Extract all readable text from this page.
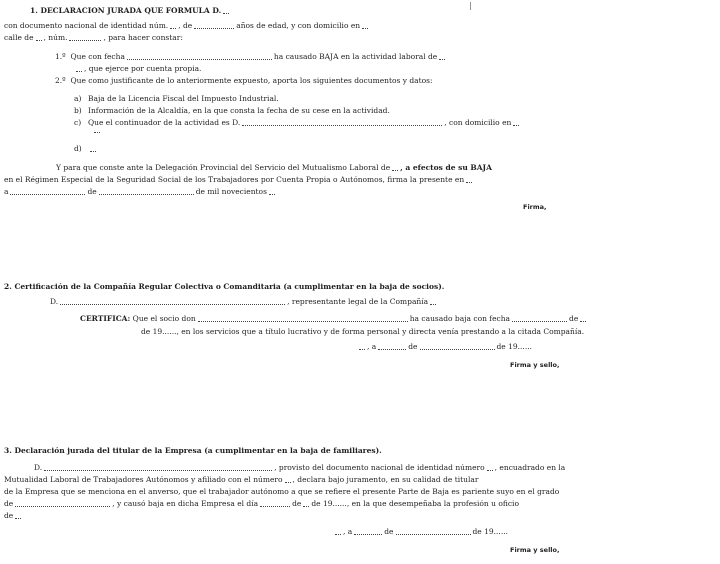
1. DECLARACION JURADA QUE FORMULA D.
con documento nacional de identidad núm. , de	años de edad, y con domicilio en
calle de , núm.	, para hacer constar:
1.º
Que con fecha	ha causado BAJA en la actividad laboral de
, que ejerce por cuenta propia.
2.º
Que como justificante de lo anteriormente expuesto, aporta los siguientes documentos y datos:
a) Baja de la Licencia Fiscal del Impuesto Industrial.
b) Información de la Alcaldía, en la que consta la fecha de su cese en la actividad.
c) Que el continuador de la actividad es D.	, con domicilio en
d)
Y para que conste ante la Delegación Provincial del Servicio del Mutualismo Laboral de , a efectos de su BAJA
en el Régimen Especial de la Seguridad Social de los Trabajadores por Cuenta Propia o Autónomos, firma la presente en
a	de	de mil novecientos
Firma,
2. Certificación de la Compañía Regular Colectiva o Comanditaria (a cumplimentar en la baja de socios).
D.	, representante legal de la Compañía
CERTIFICA:
Que el socio don	ha causado baja con fecha	de
de 19......, en los servicios que a título lucrativo y de forma personal y directa venía prestando a la citada Compañía.
, a	de	de 19......
Firma y sello,
3. Declaración jurada del titular de la Empresa (a cumplimentar en la baja de familiares).
D.	, provisto del documento nacional de identidad número , encuadrado en la
Mutualidad Laboral de Trabajadores Autónomos y afiliado con el número , declara bajo juramento, en su calidad de titular
de la Empresa que se menciona en el anverso, que el trabajador autónomo a que se refiere el presente Parte de Baja es pariente suyo en el grado
de	, y causó baja en dicha Empresa el día	de de 19......, en la que desempeñaba la profesión u oficio
de
, a	de	de 19......
Firma y sello,
